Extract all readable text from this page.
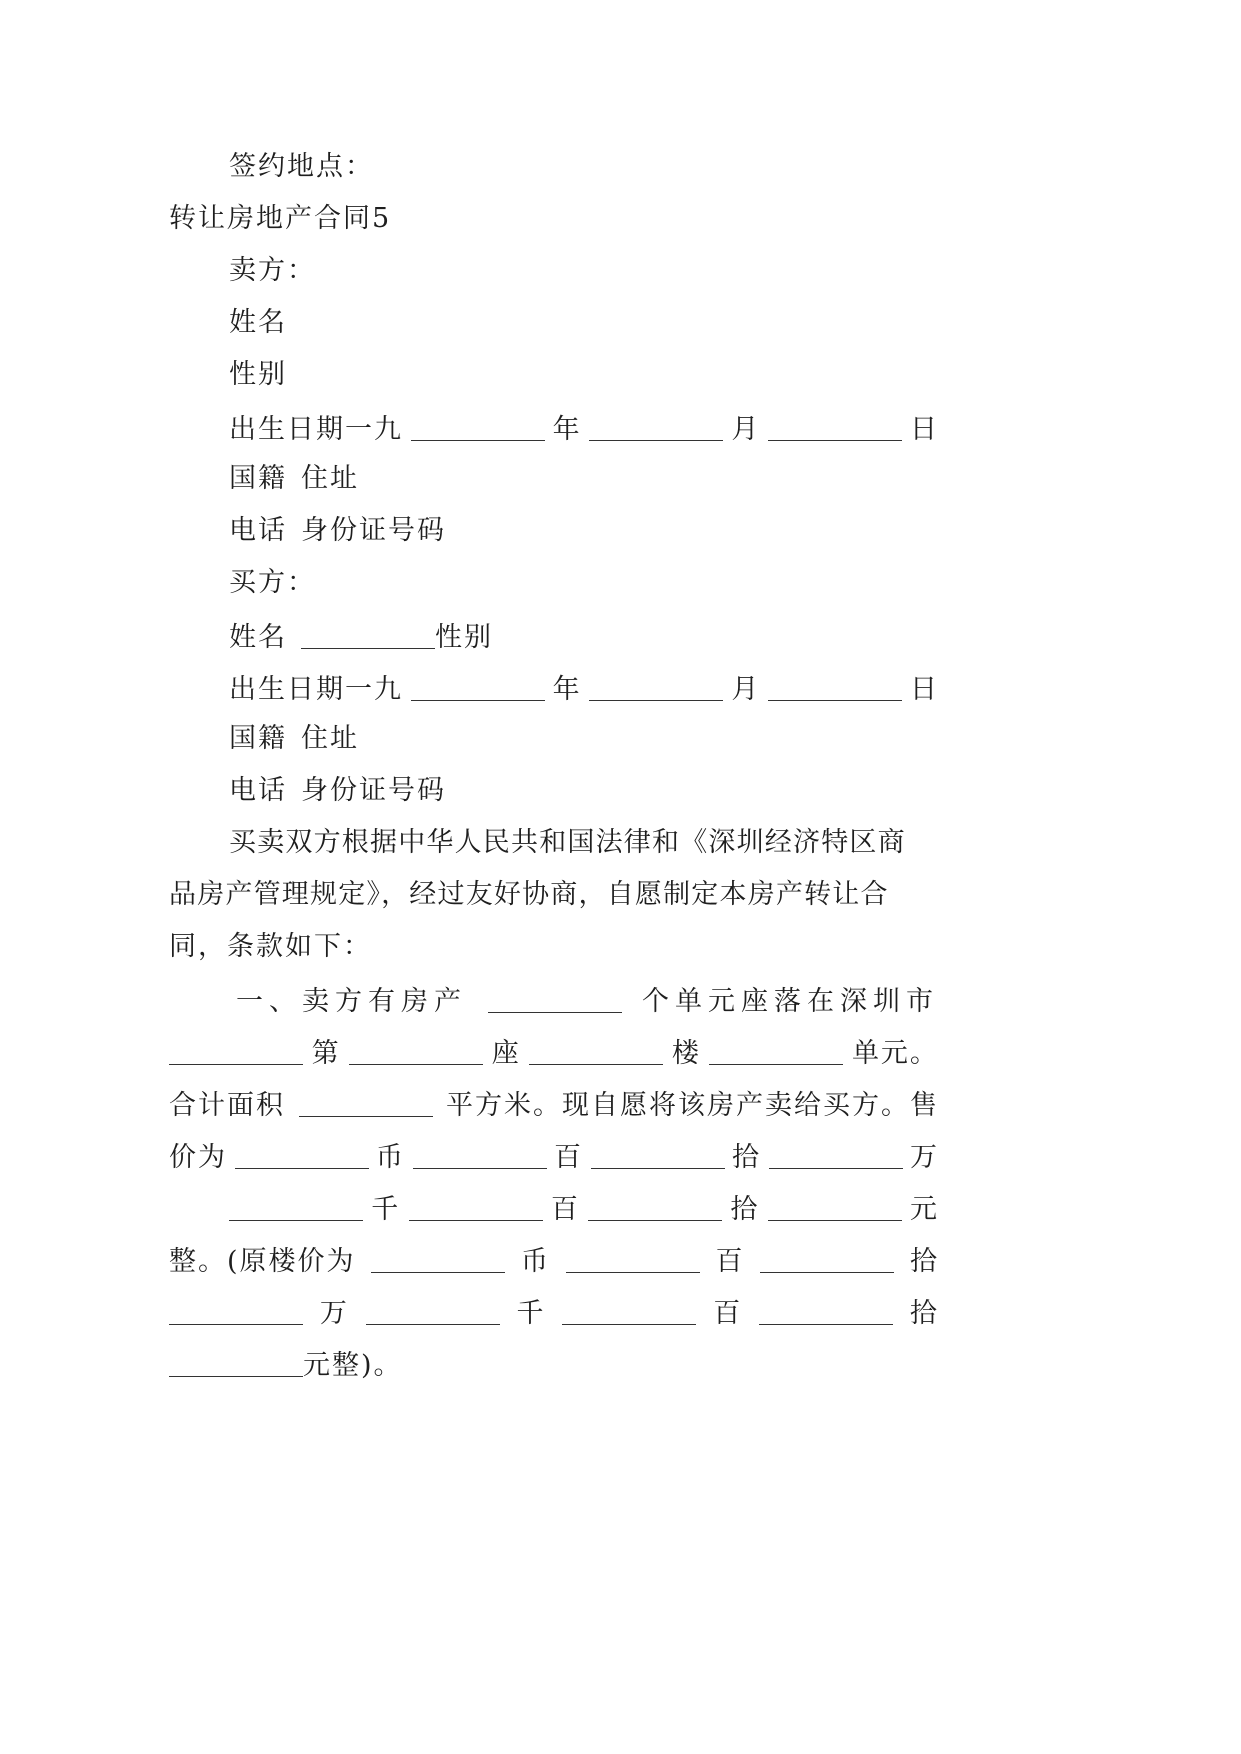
签约地点：
转让房地产合同5
卖方：
姓名
性别
出生日期一九	年	月	日
国籍 住址
电话 身份证号码
买方：
姓名	性别
出生日期一九	年	月	日
国籍 住址
电话 身份证号码
买卖双方根据中华人民共和国法律和《深圳经济特区商
品房产管理规定》，经过友好协商，自愿制定本房产转让合
同，条款如下：
一、卖方有房产	个单元座落在深圳市
第	座	楼	单元。
合计面积	平方米。现自愿将该房产卖给买方。售
价为	币	百	拾	万
千	百	拾	元
整。(原楼价为	币	百	拾
万	千	百	拾
元整)。
